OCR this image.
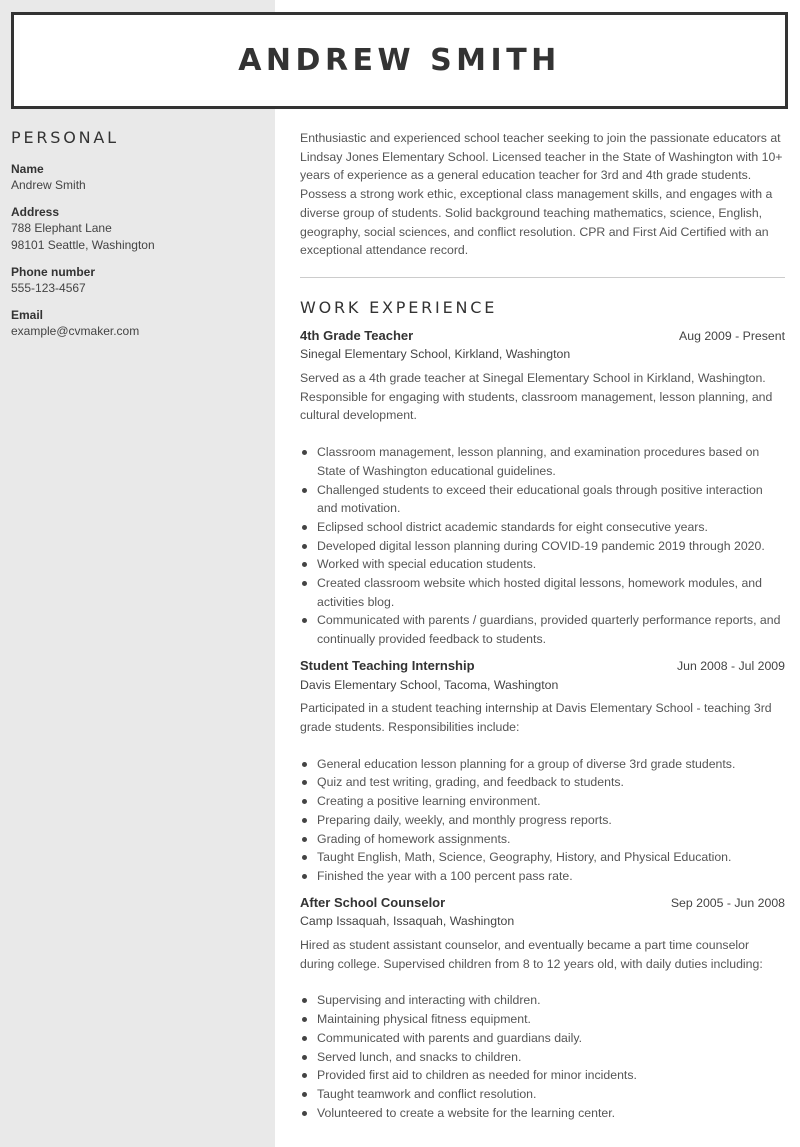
ANDREW SMITH
PERSONAL
Name
Andrew Smith
Address
788 Elephant Lane
98101 Seattle, Washington
Phone number
555-123-4567
Email
example@cvmaker.com

Enthusiastic and experienced school teacher seeking to join the passionate educators at Lindsay Jones Elementary School. Licensed teacher in the State of Washington with 10+ years of experience as a general education teacher for 3rd and 4th grade students. Possess a strong work ethic, exceptional class management skills, and engages with a diverse group of students. Solid background teaching mathematics, science, English, geography, social sciences, and conflict resolution. CPR and First Aid Certified with an exceptional attendance record.

WORK EXPERIENCE
4th Grade Teacher	Aug 2009 - Present
Sinegal Elementary School, Kirkland, Washington

Served as a 4th grade teacher at Sinegal Elementary School in Kirkland, Washington. Responsible for engaging with students, classroom management, lesson planning, and cultural development.

Classroom management, lesson planning, and examination procedures based on State of Washington educational guidelines.
Challenged students to exceed their educational goals through positive interaction and motivation.
Eclipsed school district academic standards for eight consecutive years.
Developed digital lesson planning during COVID-19 pandemic 2019 through 2020.
Worked with special education students.
Created classroom website which hosted digital lessons, homework modules, and activities blog.
Communicated with parents / guardians, provided quarterly performance reports, and continually provided feedback to students.
Student Teaching Internship	Jun 2008 - Jul 2009
Davis Elementary School, Tacoma, Washington

Participated in a student teaching internship at Davis Elementary School - teaching 3rd grade students. Responsibilities include:

General education lesson planning for a group of diverse 3rd grade students.
Quiz and test writing, grading, and feedback to students.
Creating a positive learning environment.
Preparing daily, weekly, and monthly progress reports.
Grading of homework assignments.
Taught English, Math, Science, Geography, History, and Physical Education.
Finished the year with a 100 percent pass rate.
After School Counselor	Sep 2005 - Jun 2008
Camp Issaquah, Issaquah, Washington

Hired as student assistant counselor, and eventually became a part time counselor during college. Supervised children from 8 to 12 years old, with daily duties including:

Supervising and interacting with children.
Maintaining physical fitness equipment.
Communicated with parents and guardians daily.
Served lunch, and snacks to children.
Provided first aid to children as needed for minor incidents.
Taught teamwork and conflict resolution.
Volunteered to create a website for the learning center.
